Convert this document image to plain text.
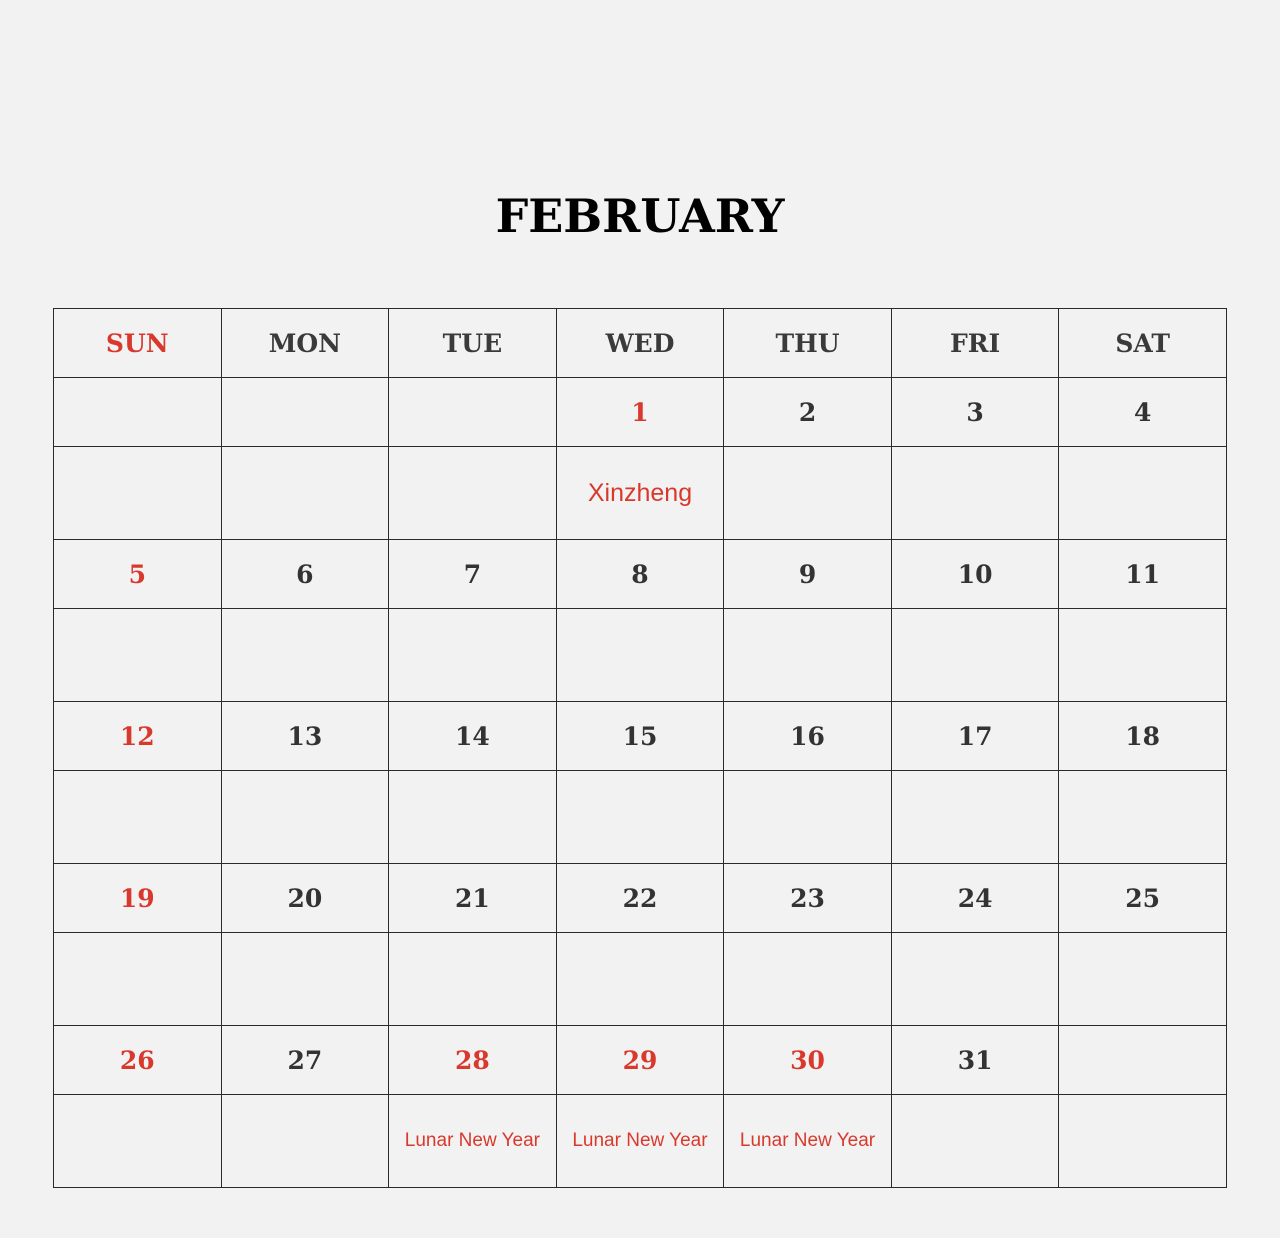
FEBRUARY
SUN	MON	TUE	WED	THU	FRI	SAT
			1	2	3	4
			Xinzheng			
5	6	7	8	9	10	11

12	13	14	15	16	17	18

19	20	21	22	23	24	25

26	27	28	29	30	31	
		Lunar New Year	Lunar New Year	Lunar New Year		
